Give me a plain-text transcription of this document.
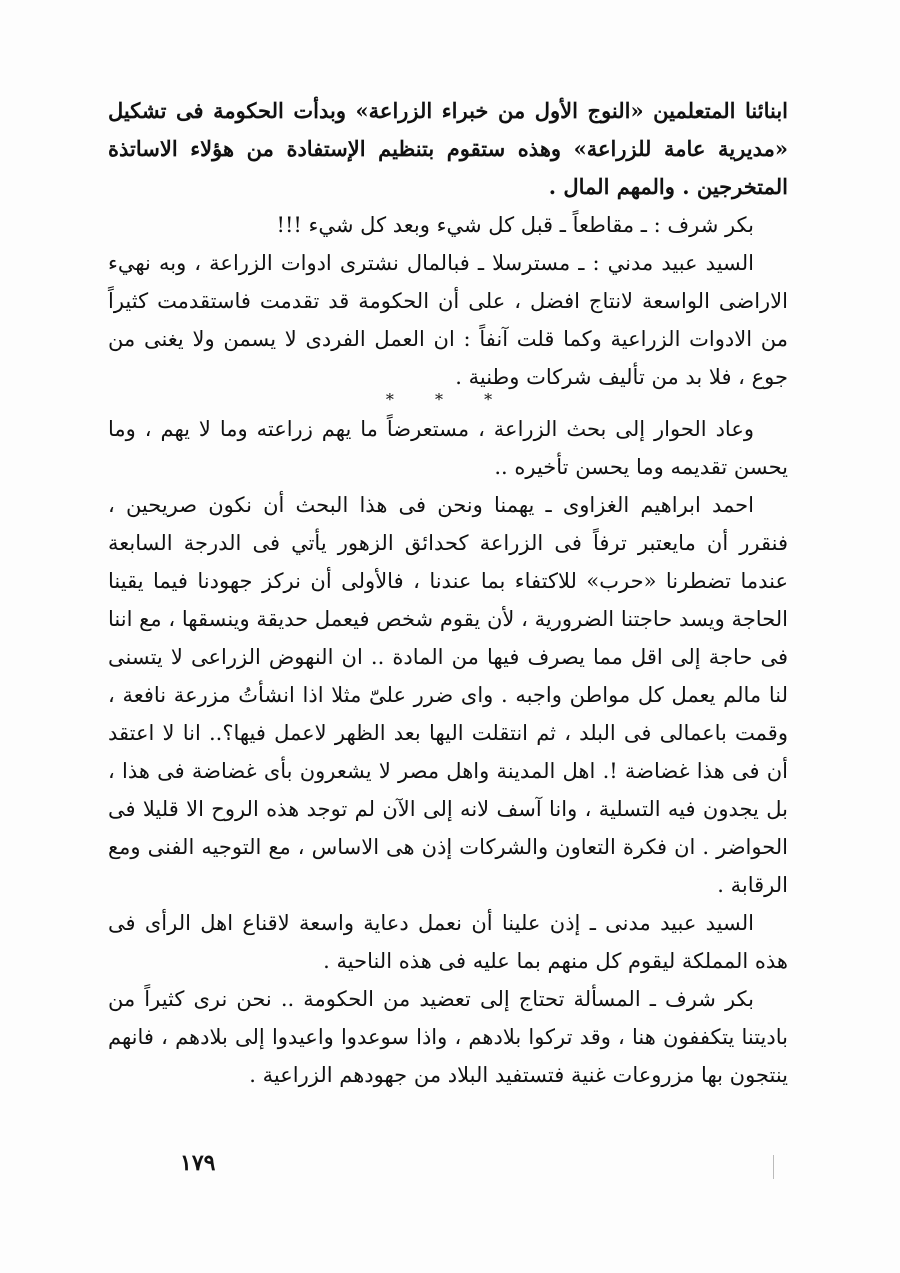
ابنائنا المتعلمين «النوج الأول من خبراء الزراعة» وبدأت الحكومة فى تشكيل «مديرية عامة للزراعة» وهذه ستقوم بتنظيم الإستفادة من هؤلاء الاساتذة المتخرجين . والمهم المال .

بكر شرف : ـ مقاطعاً ـ قبل كل شيء وبعد كل شيء !!!

السيد عبيد مدني : ـ مسترسلا ـ فبالمال نشترى ادوات الزراعة ، وبه نهيء الاراضى الواسعة لانتاج افضل ، على أن الحكومة قد تقدمت فاستقدمت كثيراً من الادوات الزراعية وكما قلت آنفاً : ان العمل الفردى لا يسمن ولا يغنى من جوع ، فلا بد من تأليف شركات وطنية .

* * *

وعاد الحوار إلى بحث الزراعة ، مستعرضاً ما يهم زراعته وما لا يهم ، وما يحسن تقديمه وما يحسن تأخيره ..

احمد ابراهيم الغزاوى ـ يهمنا ونحن فى هذا البحث أن نكون صريحين ، فنقرر أن مايعتبر ترفاً فى الزراعة كحدائق الزهور يأتي فى الدرجة السابعة عندما تضطرنا «حرب» للاكتفاء بما عندنا ، فالأولى أن نركز جهودنا فيما يقينا الحاجة ويسد حاجتنا الضرورية ، لأن يقوم شخص فيعمل حديقة وينسقها ، مع اننا فى حاجة إلى اقل مما يصرف فيها من المادة .. ان النهوض الزراعى لا يتسنى لنا مالم يعمل كل مواطن واجبه . واى ضرر علىّ مثلا اذا انشأتُ مزرعة نافعة ، وقمت باعمالى فى البلد ، ثم انتقلت اليها بعد الظهر لاعمل فيها؟.. انا لا اعتقد أن فى هذا غضاضة !. اهل المدينة واهل مصر لا يشعرون بأى غضاضة فى هذا ، بل يجدون فيه التسلية ، وانا آسف لانه إلى الآن لم توجد هذه الروح الا قليلا فى الحواضر . ان فكرة التعاون والشركات إذن هى الاساس ، مع التوجيه الفنى ومع الرقابة .

السيد عبيد مدنى ـ إذن علينا أن نعمل دعاية واسعة لاقناع اهل الرأى فى هذه المملكة ليقوم كل منهم بما عليه فى هذه الناحية .

بكر شرف ـ المسألة تحتاج إلى تعضيد من الحكومة .. نحن نرى كثيراً من باديتنا يتكففون هنا ، وقد تركوا بلادهم ، واذا سوعدوا واعيدوا إلى بلادهم ، فانهم ينتجون بها مزروعات غنية فتستفيد البلاد من جهودهم الزراعية .

١٧٩
